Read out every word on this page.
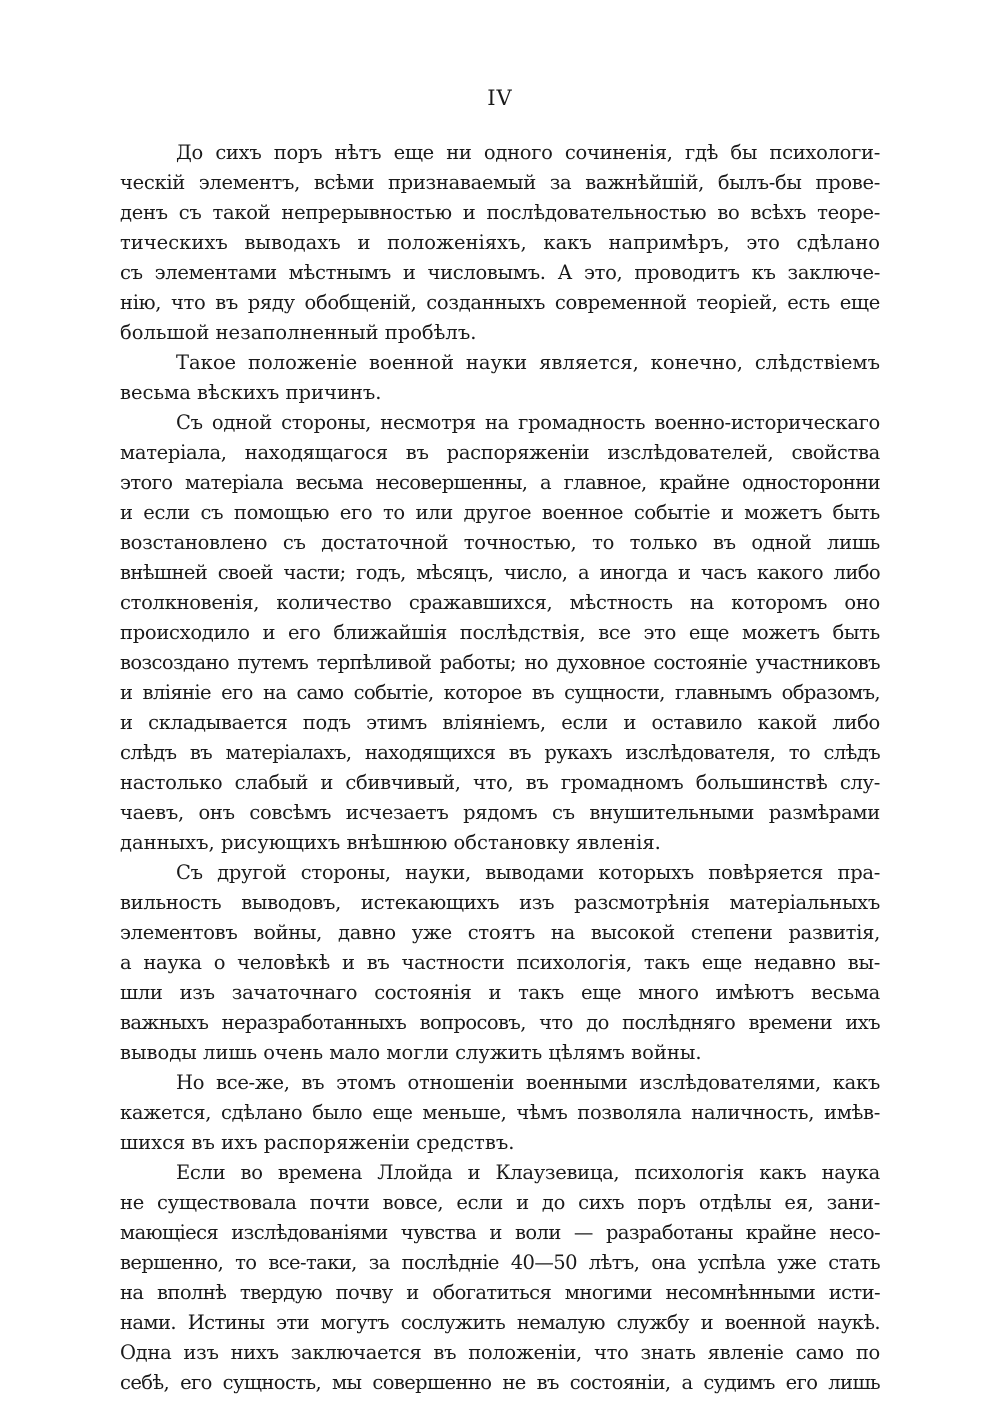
IV
До сихъ поръ нѣтъ еще ни одного сочиненія, гдѣ бы психологи-
ческій элементъ, всѣми признаваемый за важнѣйшій, былъ-бы прове-
денъ съ такой непрерывностью и послѣдовательностью во всѣхъ теоре-
тическихъ выводахъ и положеніяхъ, какъ напримѣръ, это сдѣлано
съ элементами мѣстнымъ и числовымъ. А это, проводитъ къ заключе-
нію, что въ ряду обобщеній, созданныхъ современной теоріей, есть еще
большой незаполненный пробѣлъ.
Такое положеніе военной науки является, конечно, слѣдствіемъ
весьма вѣскихъ причинъ.
Съ одной стороны, несмотря на громадность военно-историческаго
матеріала, находящагося въ распоряженіи изслѣдователей, свойства
этого матеріала весьма несовершенны, а главное, крайне односторонни
и если съ помощью его то или другое военное событіе и можетъ быть
возстановлено съ достаточной точностью, то только въ одной лишь
внѣшней своей части; годъ, мѣсяцъ, число, а иногда и часъ какого либо
столкновенія, количество сражавшихся, мѣстность на которомъ оно
происходило и его ближайшія послѣдствія, все это еще можетъ быть
возсоздано путемъ терпѣливой работы; но духовное состояніе участниковъ
и вліяніе его на само событіе, которое въ сущности, главнымъ образомъ,
и складывается подъ этимъ вліяніемъ, если и оставило какой либо
слѣдъ въ матеріалахъ, находящихся въ рукахъ изслѣдователя, то слѣдъ
настолько слабый и сбивчивый, что, въ громадномъ большинствѣ слу-
чаевъ, онъ совсѣмъ исчезаетъ рядомъ съ внушительными размѣрами
данныхъ, рисующихъ внѣшнюю обстановку явленія.
Съ другой стороны, науки, выводами которыхъ повѣряется пра-
вильность выводовъ, истекающихъ изъ разсмотрѣнія матеріальныхъ
элементовъ войны, давно уже стоятъ на высокой степени развитія,
а наука о человѣкѣ и въ частности психологія, такъ еще недавно вы-
шли изъ зачаточнаго состоянія и такъ еще много имѣютъ весьма
важныхъ неразработанныхъ вопросовъ, что до послѣдняго времени ихъ
выводы лишь очень мало могли служить цѣлямъ войны.
Но все-же, въ этомъ отношеніи военными изслѣдователями, какъ
кажется, сдѣлано было еще меньше, чѣмъ позволяла наличность, имѣв-
шихся въ ихъ распоряженіи средствъ.
Если во времена Ллойда и Клаузевица, психологія какъ наука
не существовала почти вовсе, если и до сихъ поръ отдѣлы ея, зани-
мающіеся изслѣдованіями чувства и воли — разработаны крайне несо-
вершенно, то все-таки, за послѣдніе 40—50 лѣтъ, она успѣла уже стать
на вполнѣ твердую почву и обогатиться многими несомнѣнными исти-
нами. Истины эти могутъ сослужить немалую службу и военной наукѣ.
Одна изъ нихъ заключается въ положеніи, что знать явленіе само по
себѣ, его сущность, мы совершенно не въ состояніи, а судимъ его лишь
